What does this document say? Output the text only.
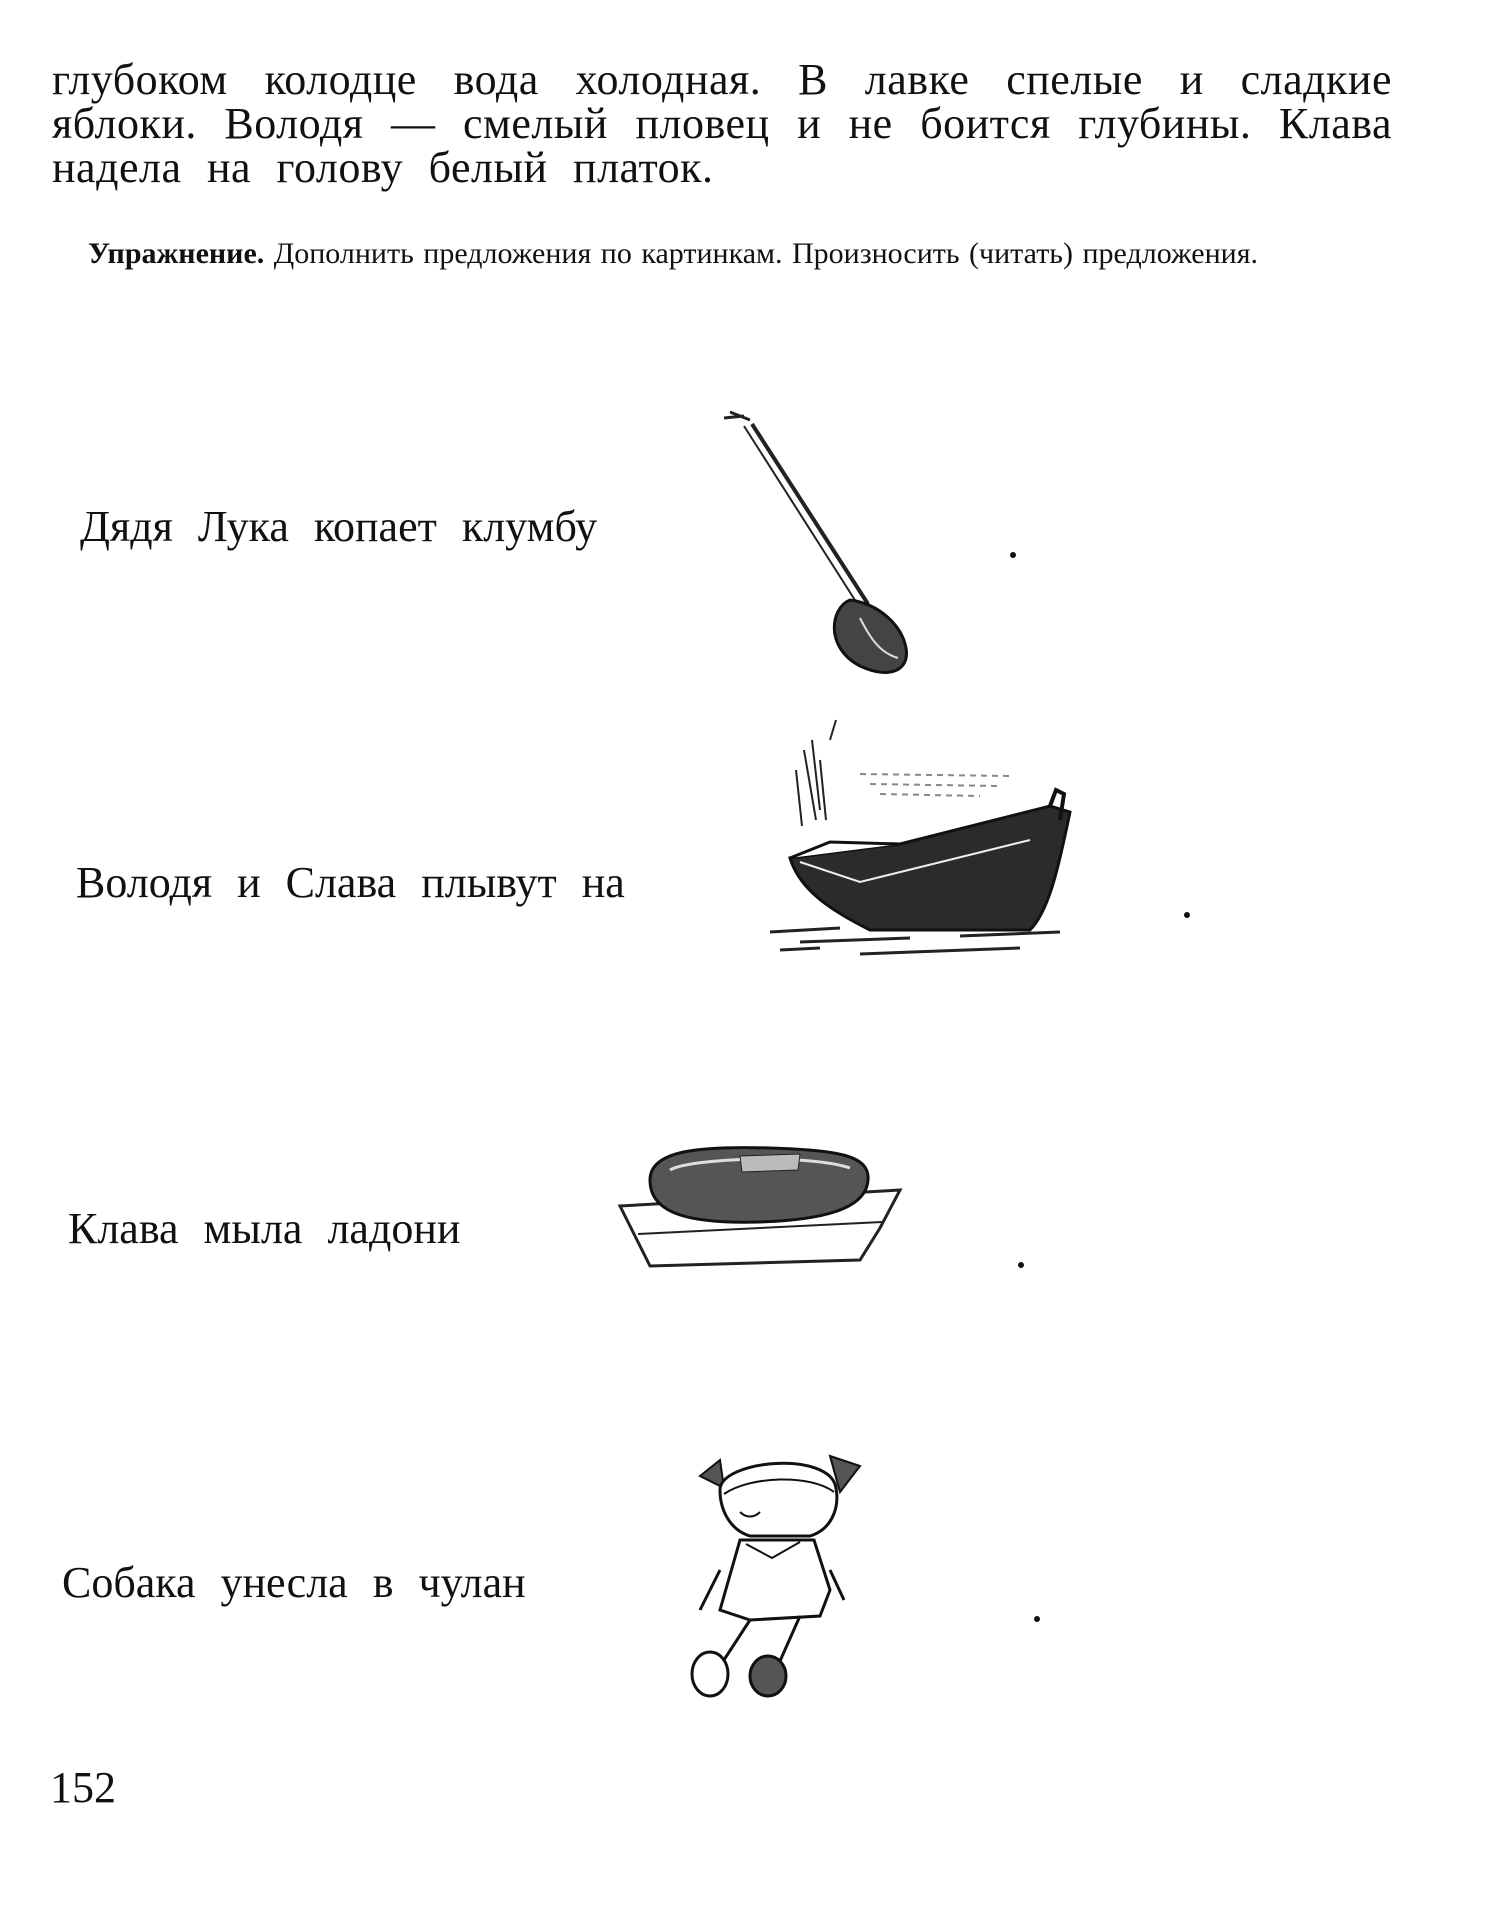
глубоком колодце вода холодная. В лавке спелые и сладкие яблоки. Володя — смелый пловец и не боится глубины. Клава надела на голову белый платок.
Упражнение. Дополнить предложения по картинкам. Произносить (читать) предложения.
Дядя Лука копает клумбу
Володя и Слава плывут на
Клава мыла ладони
Собака унесла в чулан
152
